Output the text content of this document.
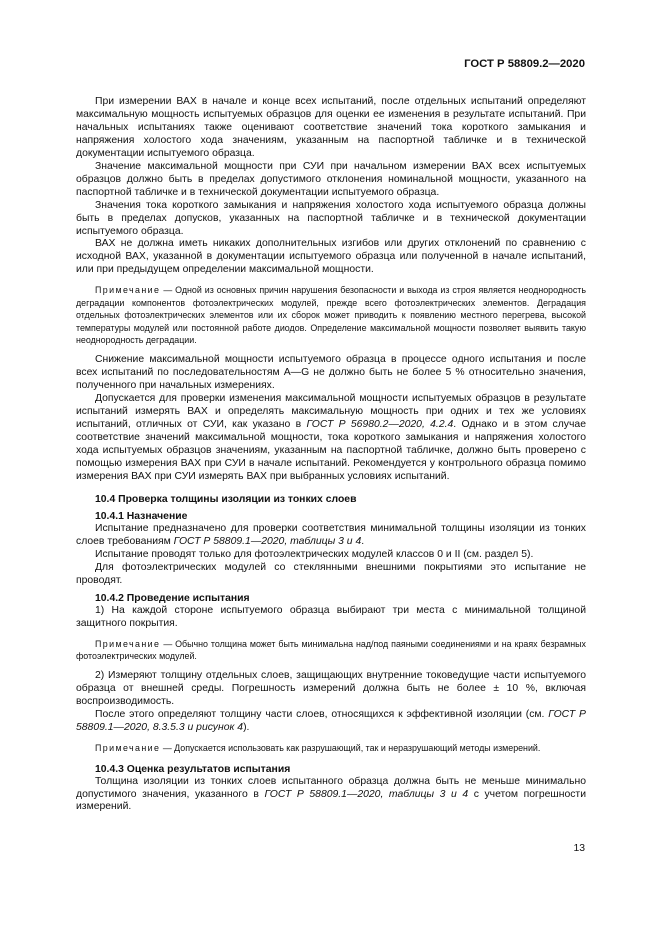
ГОСТ Р 58809.2—2020

При измерении ВАХ в начале и конце всех испытаний, после отдельных испытаний определяют максимальную мощность испытуемых образцов для оценки ее изменения в результате испытаний. При начальных испытаниях также оценивают соответствие значений тока короткого замыкания и напряжения холостого хода значениям, указанным на паспортной табличке и в технической документации испытуемого образца.

Значение максимальной мощности при СУИ при начальном измерении ВАХ всех испытуемых образцов должно быть в пределах допустимого отклонения номинальной мощности, указанного на паспортной табличке и в технической документации испытуемого образца.

Значения тока короткого замыкания и напряжения холостого хода испытуемого образца должны быть в пределах допусков, указанных на паспортной табличке и в технической документации испытуемого образца.

ВАХ не должна иметь никаких дополнительных изгибов или других отклонений по сравнению с исходной ВАХ, указанной в документации испытуемого образца или полученной в начале испытаний, или при предыдущем определении максимальной мощности.

Примечание — Одной из основных причин нарушения безопасности и выхода из строя является неоднородность деградации компонентов фотоэлектрических модулей, прежде всего фотоэлектрических элементов. Деградация отдельных фотоэлектрических элементов или их сборок может приводить к появлению местного перегрева, высокой температуры модулей или постоянной работе диодов. Определение максимальной мощности позволяет выявить такую неоднородность деградации.

Снижение максимальной мощности испытуемого образца в процессе одного испытания и после всех испытаний по последовательностям A—G не должно быть не более 5 % относительно значения, полученного при начальных измерениях.

Допускается для проверки изменения максимальной мощности испытуемых образцов в результате испытаний измерять ВАХ и определять максимальную мощность при одних и тех же условиях испытаний, отличных от СУИ, как указано в ГОСТ Р 56980.2—2020, 4.2.4. Однако и в этом случае соответствие значений максимальной мощности, тока короткого замыкания и напряжения холостого хода испытуемых образцов значениям, указанным на паспортной табличке, должно быть проверено с помощью измерения ВАХ при СУИ в начале испытаний. Рекомендуется у контрольного образца помимо измерения ВАХ при СУИ измерять ВАХ при выбранных условиях испытаний.

10.4 Проверка толщины изоляции из тонких слоев
10.4.1 Назначение

Испытание предназначено для проверки соответствия минимальной толщины изоляции из тонких слоев требованиям ГОСТ Р 58809.1—2020, таблицы 3 и 4.

Испытание проводят только для фотоэлектрических модулей классов 0 и II (см. раздел 5).

Для фотоэлектрических модулей со стеклянными внешними покрытиями это испытание не проводят.

10.4.2 Проведение испытания

1) На каждой стороне испытуемого образца выбирают три места с минимальной толщиной защитного покрытия.

Примечание — Обычно толщина может быть минимальна над/под паяными соединениями и на краях безрамных фотоэлектрических модулей.

2) Измеряют толщину отдельных слоев, защищающих внутренние токоведущие части испытуемого образца от внешней среды. Погрешность измерений должна быть не более ± 10 %, включая воспроизводимость.

После этого определяют толщину части слоев, относящихся к эффективной изоляции (см. ГОСТ Р 58809.1—2020, 8.3.5.3 и рисунок 4).

Примечание — Допускается использовать как разрушающий, так и неразрушающий методы измерений.

10.4.3 Оценка результатов испытания

Толщина изоляции из тонких слоев испытанного образца должна быть не меньше минимально допустимого значения, указанного в ГОСТ Р 58809.1—2020, таблицы 3 и 4 с учетом погрешности измерений.

13
